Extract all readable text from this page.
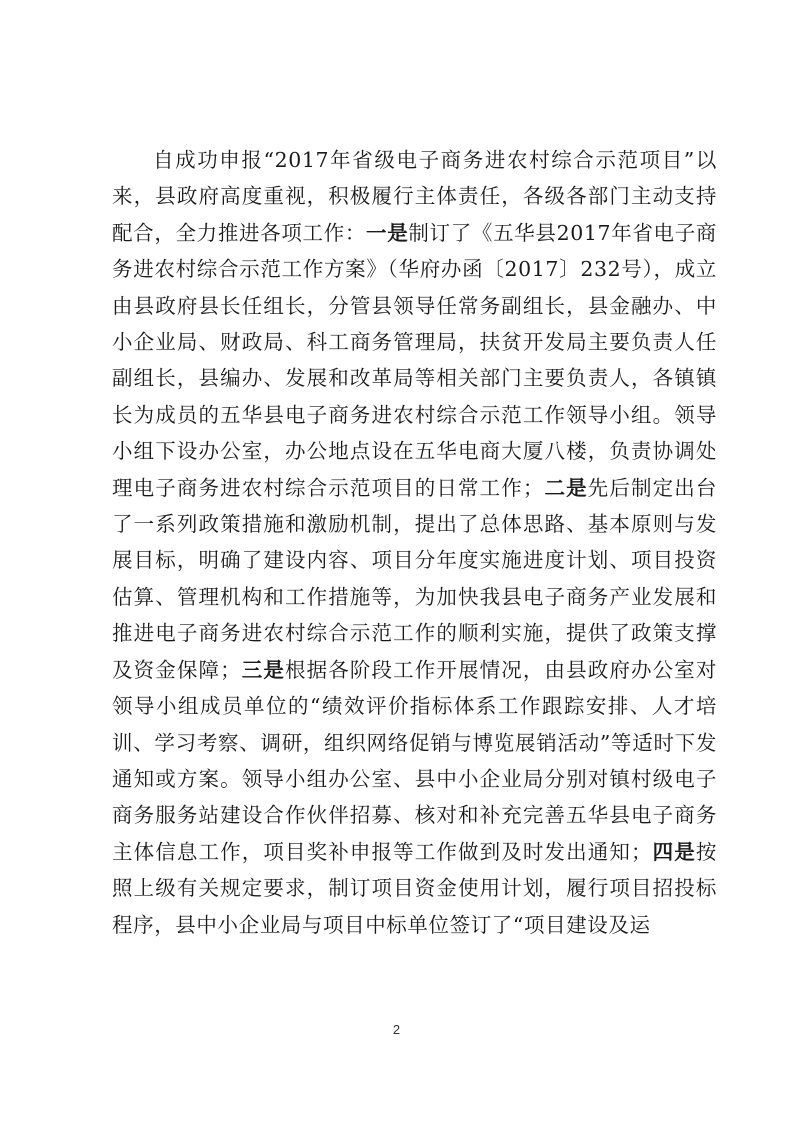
自成功申报“2017年省级电子商务进农村综合示范项目”以来，县政府高度重视，积极履行主体责任，各级各部门主动支持配合，全力推进各项工作：一是制订了《五华县2017年省电子商务进农村综合示范工作方案》（华府办函〔2017〕232号），成立由县政府县长任组长，分管县领导任常务副组长，县金融办、中小企业局、财政局、科工商务管理局，扶贫开发局主要负责人任副组长，县编办、发展和改革局等相关部门主要负责人，各镇镇长为成员的五华县电子商务进农村综合示范工作领导小组。领导小组下设办公室，办公地点设在五华电商大厦八楼，负责协调处理电子商务进农村综合示范项目的日常工作；二是先后制定出台了一系列政策措施和激励机制，提出了总体思路、基本原则与发展目标，明确了建设内容、项目分年度实施进度计划、项目投资估算、管理机构和工作措施等，为加快我县电子商务产业发展和推进电子商务进农村综合示范工作的顺利实施，提供了政策支撑及资金保障；三是根据各阶段工作开展情况，由县政府办公室对领导小组成员单位的“绩效评价指标体系工作跟踪安排、人才培训、学习考察、调研，组织网络促销与博览展销活动”等适时下发通知或方案。领导小组办公室、县中小企业局分别对镇村级电子商务服务站建设合作伙伴招募、核对和补充完善五华县电子商务主体信息工作，项目奖补申报等工作做到及时发出通知；四是按照上级有关规定要求，制订项目资金使用计划，履行项目招投标程序，县中小企业局与项目中标单位签订了“项目建设及运

2
